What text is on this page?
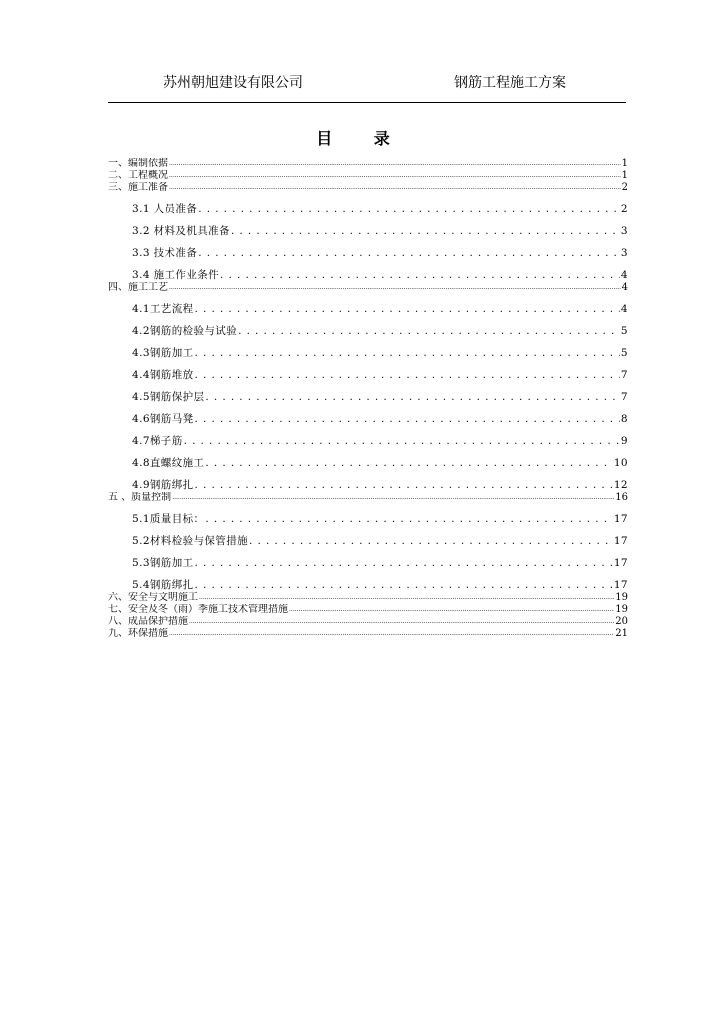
苏州朝旭建设有限公司	钢筋工程施工方案
目 录
一、编制依据 .....	1
二、工程概况 .....	1
三、施工准备 .....	2
3.1 人员准备 . . .	2
3.2 材料及机具准备 . . .	3
3.3 技术准备 . . .	3
3.4 施工作业条件 . . .	4
四、施工工艺 .....	4
4.1工艺流程 . . .	4
4.2钢筋的检验与试验 . . .	5
4.3钢筋加工 . . .	5
4.4钢筋堆放 . . .	7
4.5钢筋保护层 . . .	7
4.6钢筋马凳 . . .	8
4.7梯子筋 . . .	9
4.8直螺纹施工 . . .	10
4.9钢筋绑扎 . . .	12
五 、质量控制 .....	16
5.1质量目标： . . .	17
5.2材料检验与保管措施 . . .	17
5.3钢筋加工 . . .	17
5.4钢筋绑扎 . . .	17
六、安全与文明施工 .....	19
七、安全及冬（雨）季施工技术管理措施 .....	19
八、成品保护措施 .....	20
九、环保措施 .....	21
